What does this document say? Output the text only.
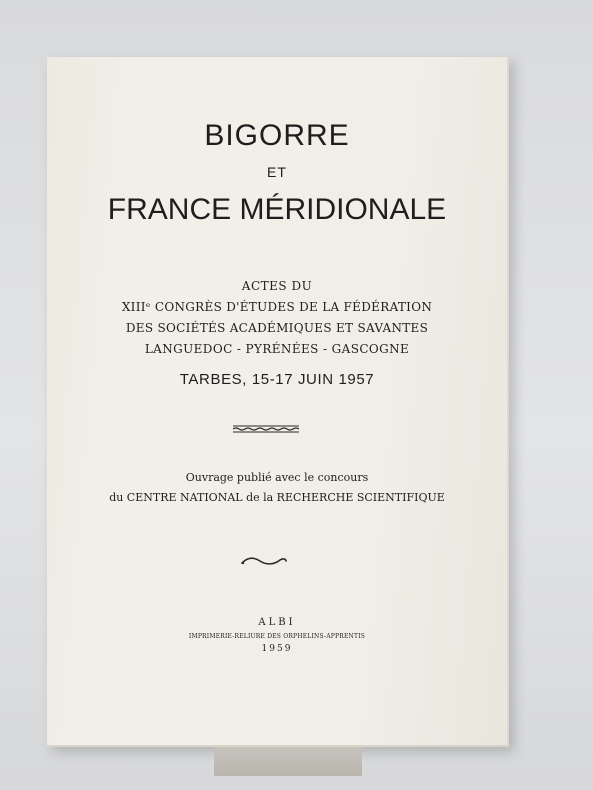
BIGORRE
ET
FRANCE MÉRIDIONALE
ACTES DU
XIIIᵉ CONGRÈS D'ÉTUDES DE LA FÉDÉRATION
DES SOCIÉTÉS ACADÉMIQUES ET SAVANTES
LANGUEDOC - PYRÉNÉES - GASCOGNE
TARBES, 15-17 JUIN 1957
Ouvrage publié avec le concours
du CENTRE NATIONAL de la RECHERCHE SCIENTIFIQUE
ALBI
IMPRIMERIE-RELIURE DES ORPHELINS-APPRENTIS
1959
